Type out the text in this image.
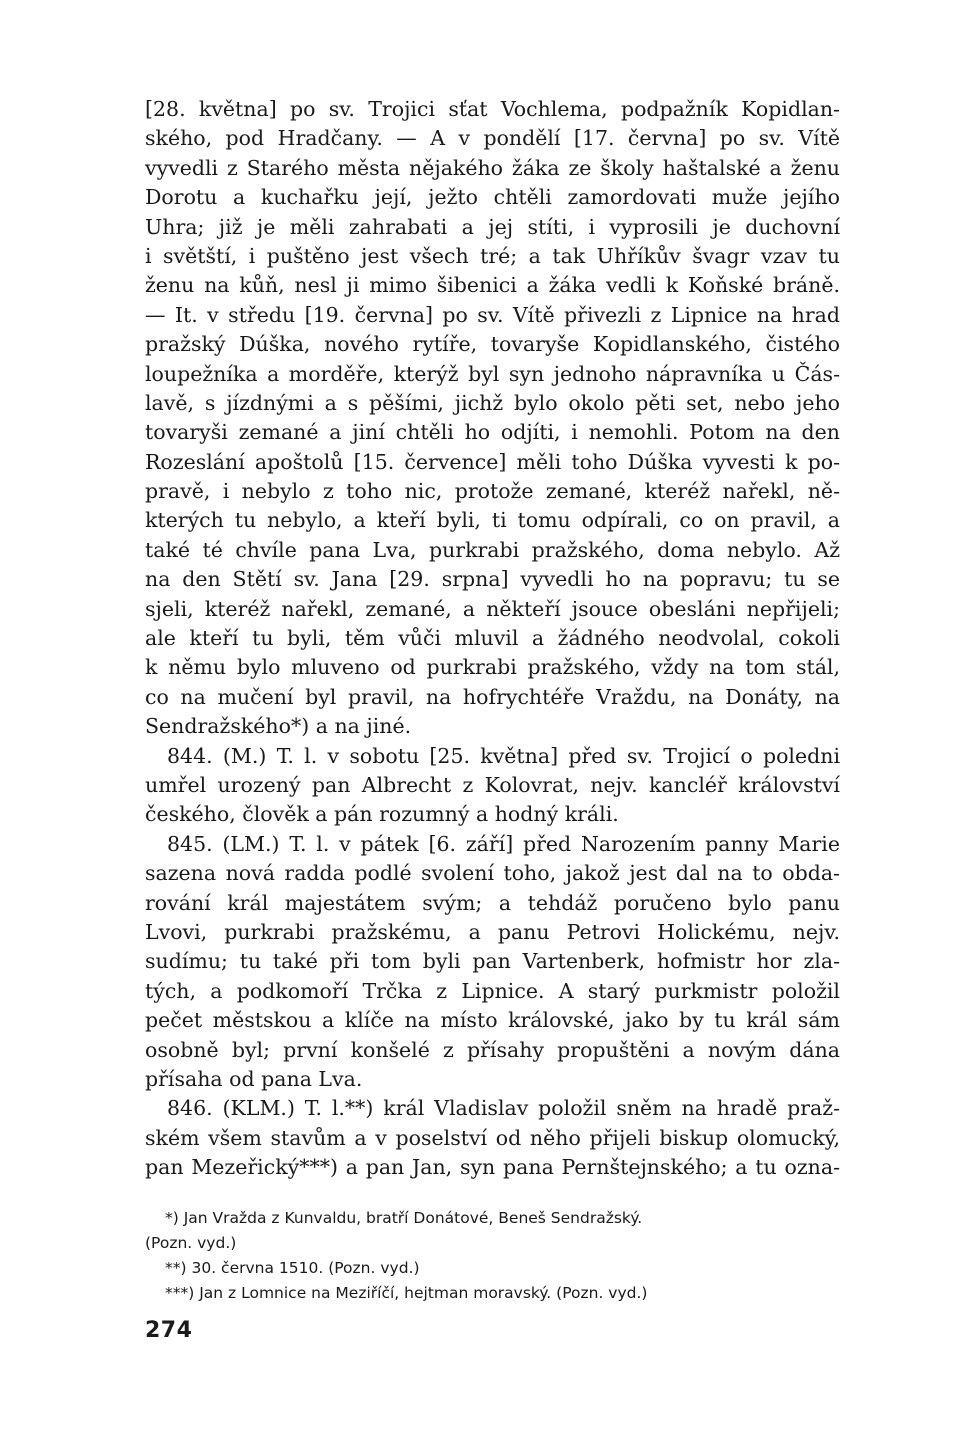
[28. května] po sv. Trojici sťat Vochlema, podpažník Kopidlan-
ského, pod Hradčany. — A v pondělí [17. června] po sv. Vítě
vyvedli z Starého města nějakého žáka ze školy haštalské a ženu
Dorotu a kuchařku její, ježto chtěli zamordovati muže jejího
Uhra; již je měli zahrabati a jej stíti, i vyprosili je duchovní
i světští, i puštěno jest všech tré; a tak Uhříkův švagr vzav tu
ženu na kůň, nesl ji mimo šibenici a žáka vedli k Koňské bráně.
— It. v středu [19. června] po sv. Vítě přivezli z Lipnice na hrad
pražský Dúška, nového rytíře, tovaryše Kopidlanského, čistého
loupežníka a morděře, kterýž byl syn jednoho nápravníka u Čás-
lavě, s jízdnými a s pěšími, jichž bylo okolo pěti set, nebo jeho
tovaryši zemané a jiní chtěli ho odjíti, i nemohli. Potom na den
Rozeslání apoštolů [15. července] měli toho Dúška vyvesti k po-
pravě, i nebylo z toho nic, protože zemané, kteréž nařekl, ně-
kterých tu nebylo, a kteří byli, ti tomu odpírali, co on pravil, a
také té chvíle pana Lva, purkrabi pražského, doma nebylo. Až
na den Stětí sv. Jana [29. srpna] vyvedli ho na popravu; tu se
sjeli, kteréž nařekl, zemané, a někteří jsouce obesláni nepřijeli;
ale kteří tu byli, těm vůči mluvil a žádného neodvolal, cokoli
k němu bylo mluveno od purkrabi pražského, vždy na tom stál,
co na mučení byl pravil, na hofrychtéře Vraždu, na Donáty, na
Sendražského*) a na jiné.
844. (M.) T. l. v sobotu [25. května] před sv. Trojicí o poledni
umřel urozený pan Albrecht z Kolovrat, nejv. kancléř království
českého, člověk a pán rozumný a hodný králi.
845. (LM.) T. l. v pátek [6. září] před Narozením panny Marie
sazena nová radda podlé svolení toho, jakož jest dal na to obda-
rování král majestátem svým; a tehdáž poručeno bylo panu
Lvovi, purkrabi pražskému, a panu Petrovi Holickému, nejv.
sudímu; tu také při tom byli pan Vartenberk, hofmistr hor zla-
tých, a podkomoří Trčka z Lipnice. A starý purkmistr položil
pečet městskou a klíče na místo královské, jako by tu král sám
osobně byl; první konšelé z přísahy propuštěni a novým dána
přísaha od pana Lva.
846. (KLM.) T. l.**) král Vladislav položil sněm na hradě praž-
ském všem stavům a v poselství od něho přijeli biskup olomucký,
pan Mezeřický***) a pan Jan, syn pana Pernštejnského; a tu ozna-
*) Jan Vražda z Kunvaldu, bratří Donátové, Beneš Sendražský.
(Pozn. vyd.)
**) 30. června 1510. (Pozn. vyd.)
***) Jan z Lomnice na Meziříčí, hejtman moravský. (Pozn. vyd.)
274
